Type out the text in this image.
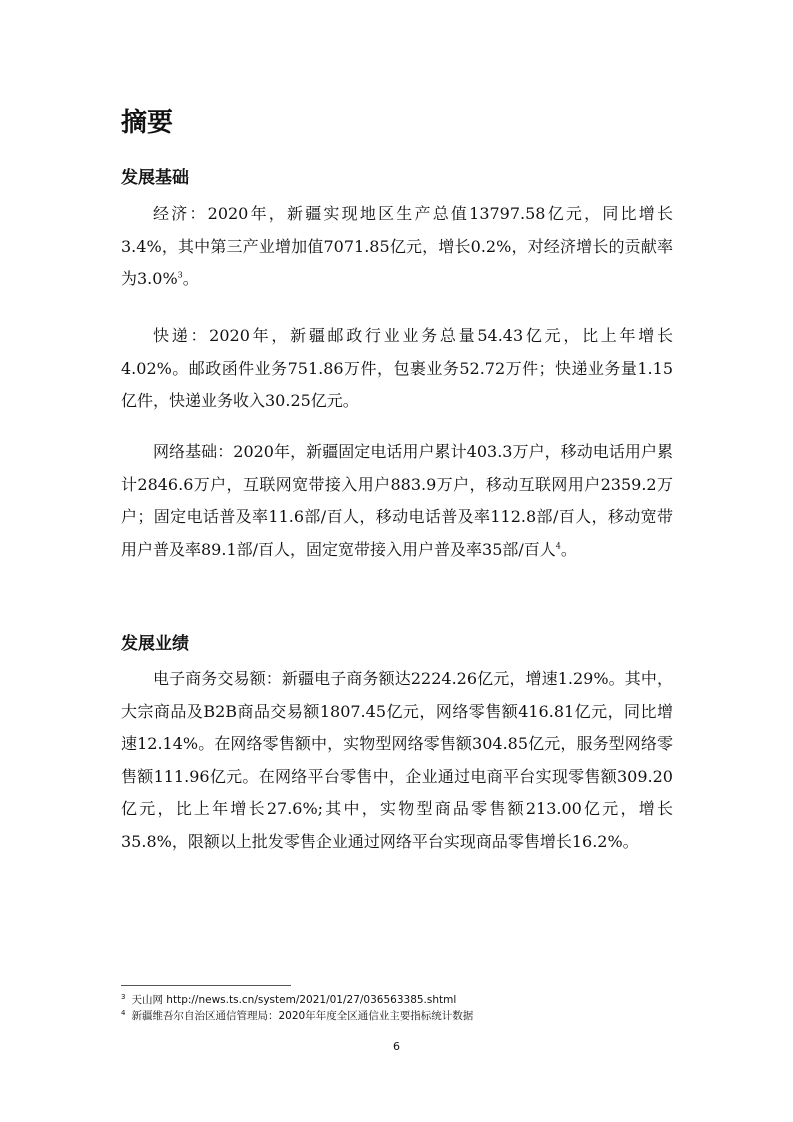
摘要
发展基础

经济：2020年，新疆实现地区生产总值13797.58亿元，同比增长3.4%，其中第三产业增加值7071.85亿元，增长0.2%，对经济增长的贡献率为3.0%$^3$。

快递：2020年，新疆邮政行业业务总量54.43亿元，比上年增长4.02%。邮政函件业务751.86万件，包裹业务52.72万件；快递业务量1.15亿件，快递业务收入30.25亿元。

网络基础：2020年，新疆固定电话用户累计403.3万户，移动电话用户累计2846.6万户，互联网宽带接入用户883.9万户，移动互联网用户2359.2万户；固定电话普及率11.6部/百人，移动电话普及率112.8部/百人，移动宽带用户普及率89.1部/百人，固定宽带接入用户普及率35部/百人$^4$。

发展业绩

电子商务交易额：新疆电子商务额达2224.26亿元，增速1.29%。其中，大宗商品及B2B商品交易额1807.45亿元，网络零售额416.81亿元，同比增速12.14%。在网络零售额中，实物型网络零售额304.85亿元，服务型网络零售额111.96亿元。在网络平台零售中，企业通过电商平台实现零售额309.20亿元，比上年增长27.6%;其中，实物型商品零售额213.00亿元，增长35.8%，限额以上批发零售企业通过网络平台实现商品零售增长16.2%。

$^3$ 天山网 http://news.ts.cn/system/2021/01/27/036563385.shtml
$^4$ 新疆维吾尔自治区通信管理局：2020年年度全区通信业主要指标统计数据
6
